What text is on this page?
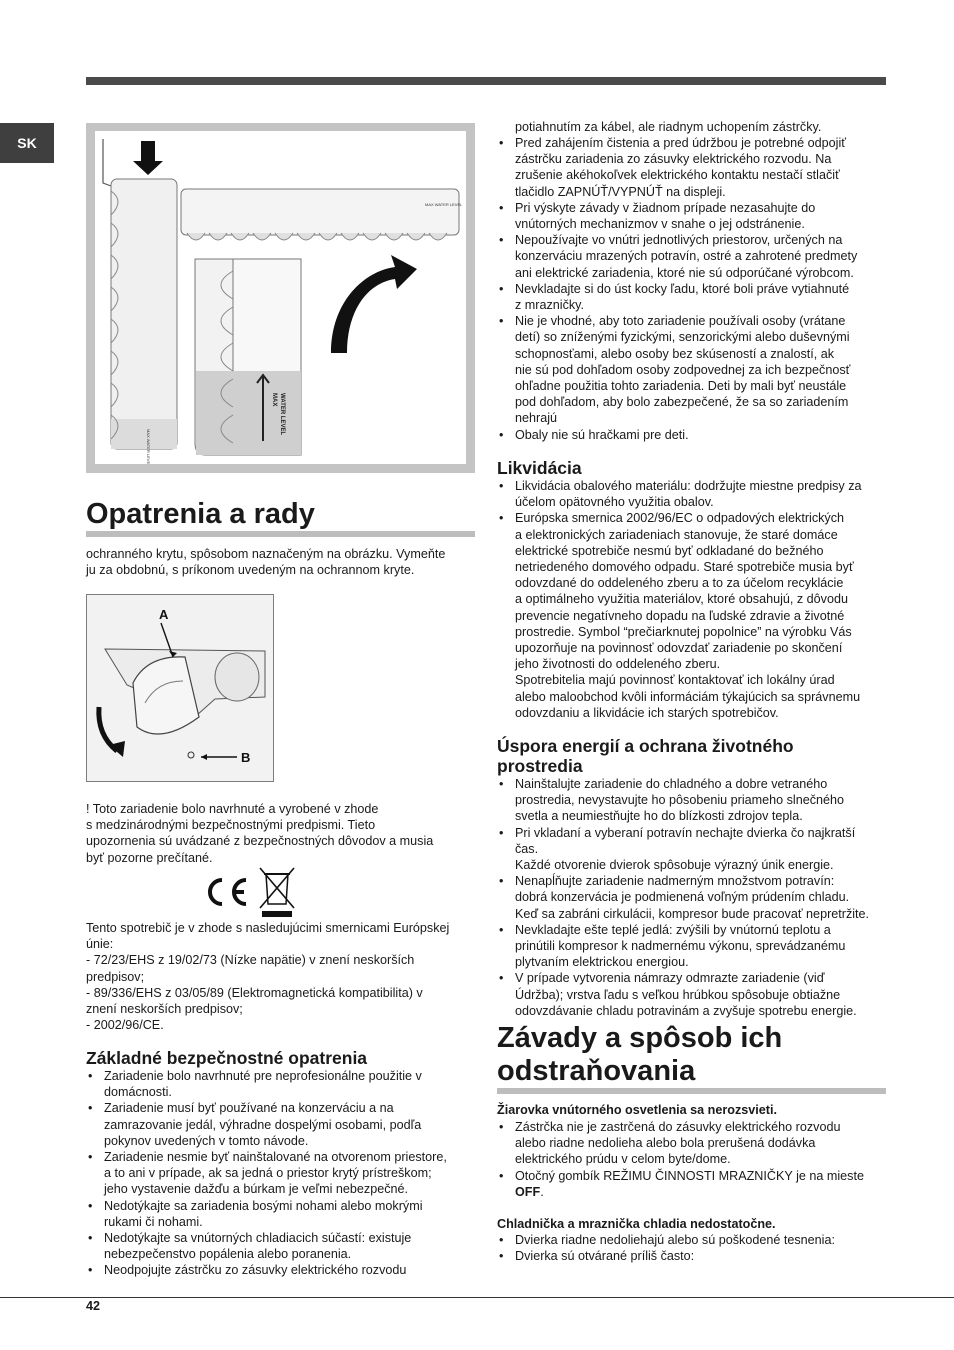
SK
MAX WATER LEVEL
MAX WATER LEVEL
MAX WATER LEVEL
Opatrenia a rady

ochranného krytu, spôsobom naznačeným na obrázku. Vymeňte

ju za obdobnú, s príkonom uvedeným na ochrannom kryte.

A
B

! Toto zariadenie bolo navrhnuté a vyrobené v zhode

s medzinárodnými bezpečnostnými predpismi. Tieto

upozornenia sú uvádzané z bezpečnostných dôvodov a musia

byť pozorne prečítané.

Tento spotrebič je v zhode s nasledujúcimi smernicami Európskej

únie:

- 72/23/EHS z 19/02/73 (Nízke napätie) v znení neskorších

predpisov;

- 89/336/EHS z 03/05/89 (Elektromagnetická kompatibilita) v

znení neskorších predpisov;

- 2002/96/CE.

Základné bezpečnostné opatrenia
• Zariadenie bolo navrhnuté pre neprofesionálne použitie v
domácnosti.
• Zariadenie musí byť používané na konzerváciu a na
zamrazovanie jedál, výhradne dospelými osobami, podľa
pokynov uvedených v tomto návode.
• Zariadenie nesmie byť nainštalované na otvorenom priestore,
a to ani v prípade, ak sa jedná o priestor krytý prístreškom;
jeho vystavenie dažďu a búrkam je veľmi nebezpečné.
• Nedotýkajte sa zariadenia bosými nohami alebo mokrými
rukami či nohami.
• Nedotýkajte sa vnútorných chladiacich súčastí: existuje
nebezpečenstvo popálenia alebo poranenia.
• Neodpojujte zástrčku zo zásuvky elektrického rozvodu
potiahnutím za kábel, ale riadnym uchopením zástrčky.
• Pred zahájením čistenia a pred údržbou je potrebné odpojiť
zástrčku zariadenia zo zásuvky elektrického rozvodu. Na
zrušenie akéhokoľvek elektrického kontaktu nestačí stlačiť
tlačidlo ZAPNÚŤ/VYPNÚŤ na displeji.
• Pri výskyte závady v žiadnom prípade nezasahujte do
vnútorných mechanizmov v snahe o jej odstránenie.
• Nepoužívajte vo vnútri jednotlivých priestorov, určených na
konzerváciu mrazených potravín, ostré a zahrotené predmety
ani elektrické zariadenia, ktoré nie sú odporúčané výrobcom.
• Nevkladajte si do úst kocky ľadu, ktoré boli práve vytiahnuté
z mrazničky.
• Nie je vhodné, aby toto zariadenie používali osoby (vrátane
detí) so zníženými fyzickými, senzorickými alebo duševnými
schopnosťami, alebo osoby bez skúseností a znalostí, ak
nie sú pod dohľadom osoby zodpovednej za ich bezpečnosť
ohľadne použitia tohto zariadenia. Deti by mali byť neustále
pod dohľadom, aby bolo zabezpečené, že sa so zariadením
nehrajú
• Obaly nie sú hračkami pre deti.
Likvidácia
• Likvidácia obalového materiálu: dodržujte miestne predpisy za
účelom opätovného využitia obalov.
• Európska smernica 2002/96/EC o odpadových elektrických
a elektronických zariadeniach stanovuje, že staré domáce
elektrické spotrebiče nesmú byť odkladané do bežného
netriedeného domového odpadu. Staré spotrebiče musia byť
odovzdané do oddeleného zberu a to za účelom recyklácie
a optimálneho využitia materiálov, ktoré obsahujú, z dôvodu
prevencie negatívneho dopadu na ľudské zdravie a životné
prostredie. Symbol “prečiarknutej popolnice” na výrobku Vás
upozorňuje na povinnosť odovzdať zariadenie po skončení
jeho životnosti do oddeleného zberu.
Spotrebitelia majú povinnosť kontaktovať ich lokálny úrad
alebo maloobchod kvôli informáciám týkajúcich sa správnemu
odovzdaniu a likvidácie ich starých spotrebičov.
Úspora energií a ochrana životného
prostredia
• Nainštalujte zariadenie do chladného a dobre vetraného
prostredia, nevystavujte ho pôsobeniu priameho slnečného
svetla a neumiestňujte ho do blízkosti zdrojov tepla.
• Pri vkladaní a vyberaní potravín nechajte dvierka čo najkratší
čas.
Každé otvorenie dvierok spôsobuje výrazný únik energie.
• Nenapĺňujte zariadenie nadmerným množstvom potravín:
dobrá konzervácia je podmienená voľným prúdením chladu.
Keď sa zabráni cirkulácii, kompresor bude pracovať nepretržite.
• Nevkladajte ešte teplé jedlá: zvýšili by vnútornú teplotu a
prinútili kompresor k nadmernému výkonu, sprevádzanému
plytvaním elektrickou energiou.
• V prípade vytvorenia námrazy odmrazte zariadenie (viď
Údržba); vrstva ľadu s veľkou hrúbkou spôsobuje obtiažne
odovzdávanie chladu potravinám a zvyšuje spotrebu energie.
Závady a spôsob ich
odstraňovania
Žiarovka vnútorného osvetlenia sa nerozsvieti.
• Zástrčka nie je zastrčená do zásuvky elektrického rozvodu
alebo riadne nedolieha alebo bola prerušená dodávka
elektrického prúdu v celom byte/dome.
• Otočný gombík REŽIMU ČINNOSTI MRAZNIČKY je na mieste
OFF.
Chladnička a mraznička chladia nedostatočne.
• Dvierka riadne nedoliehajú alebo sú poškodené tesnenia:
• Dvierka sú otvárané príliš často:
42
